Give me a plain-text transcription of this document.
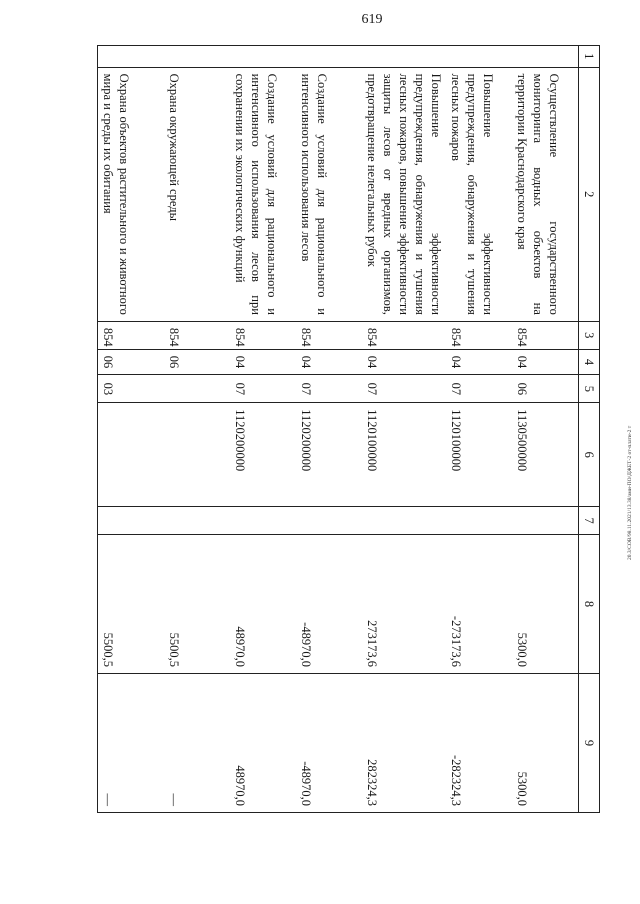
619
20.3/СОВ/98.11.2021/13.38/ами-ПО/ДЖЕТ-2 от-плати-2 т
1	2	3	4	5	6	7	8	9
	Осуществление государственного мониторинга водных объектов на территории Краснодарского края	854	04	06	1130500000		5300,0	5300,0
	Повышение эффективности предупреждения, обнаружения и тушения лесных пожаров	854	04	07	1120100000		-273173,6	-282324,3
	Повышение эффективности предупреждения, обнаружения и тушения лесных пожаров, повышение эффективности защиты лесов от вредных организмов, предотвращение нелегальных рубок	854	04	07	1120100000		273173,6	282324,3
	Создание условий для рационального и интенсивного использования лесов	854	04	07	1120200000		-48970,0	-48970,0
	Создание условий для рационального и интенсивного использования лесов при сохранении их экологических функций	854	04	07	1120200000		48970,0	48970,0
	Охрана окружающей среды	854	06				5500,5	—
	Охрана объектов растительного и животного мира и среды их обитания	854	06	03			5500,5	—
